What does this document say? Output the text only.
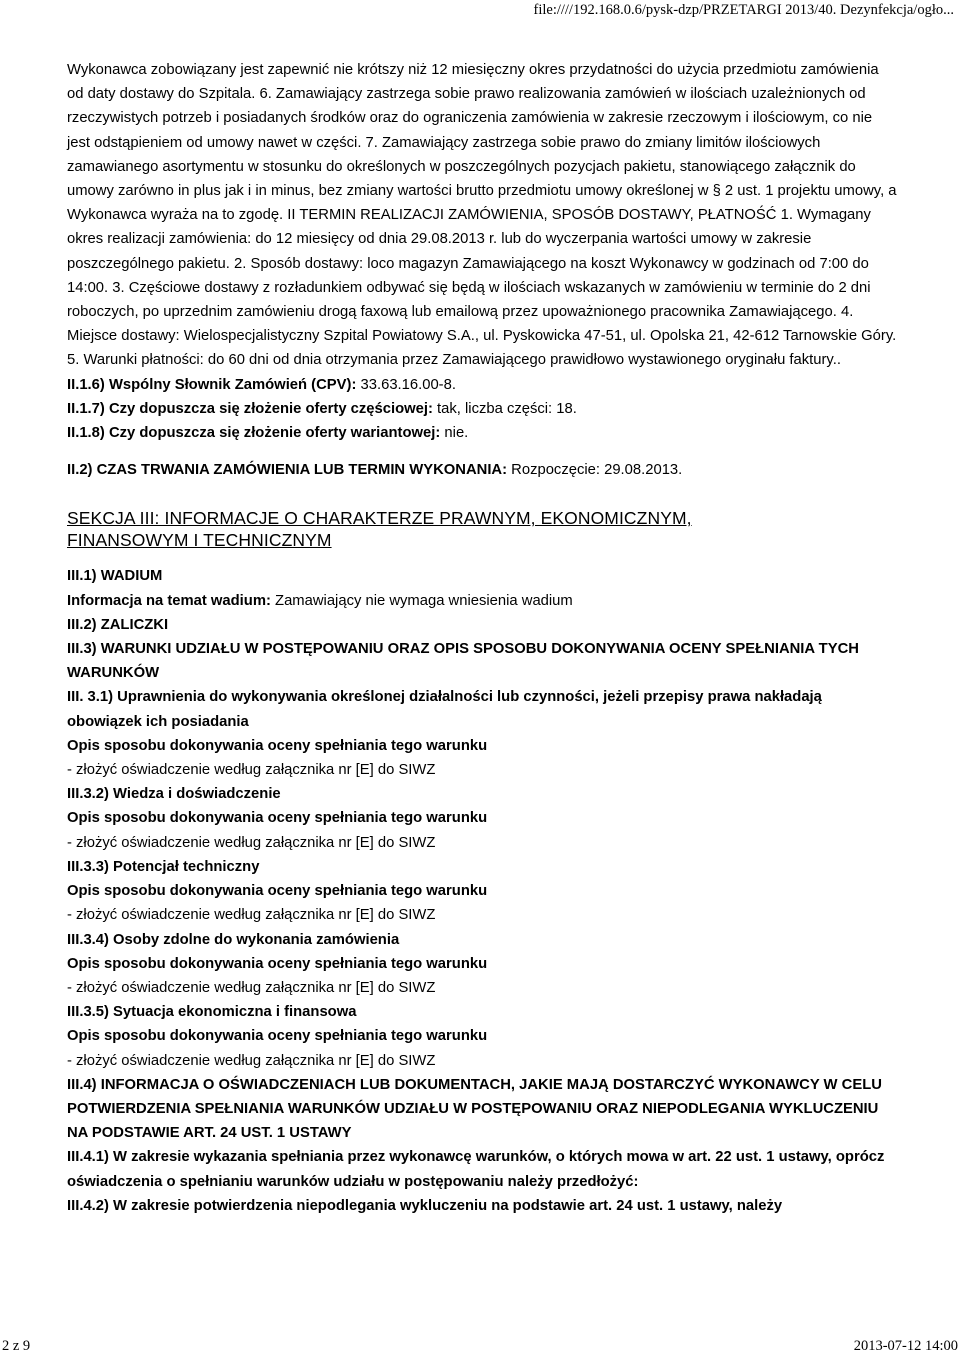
file:////192.168.0.6/pysk-dzp/PRZETARGI 2013/40. Dezynfekcja/ogło...

Wykonawca zobowiązany jest zapewnić nie krótszy niż 12 miesięczny okres przydatności do użycia przedmiotu zamówienia od daty dostawy do Szpitala. 6. Zamawiający zastrzega sobie prawo realizowania zamówień w ilościach uzależnionych od rzeczywistych potrzeb i posiadanych środków oraz do ograniczenia zamówienia w zakresie rzeczowym i ilościowym, co nie jest odstąpieniem od umowy nawet w części. 7. Zamawiający zastrzega sobie prawo do zmiany limitów ilościowych zamawianego asortymentu w stosunku do określonych w poszczególnych pozycjach pakietu, stanowiącego załącznik do umowy zarówno in plus jak i in minus, bez zmiany wartości brutto przedmiotu umowy określonej w § 2 ust. 1 projektu umowy, a Wykonawca wyraża na to zgodę. II TERMIN REALIZACJI ZAMÓWIENIA, SPOSÓB DOSTAWY, PŁATNOŚĆ 1. Wymagany okres realizacji zamówienia: do 12 miesięcy od dnia 29.08.2013 r. lub do wyczerpania wartości umowy w zakresie poszczególnego pakietu. 2. Sposób dostawy: loco magazyn Zamawiającego na koszt Wykonawcy w godzinach od 7:00 do 14:00. 3. Częściowe dostawy z rozładunkiem odbywać się będą w ilościach wskazanych w zamówieniu w terminie do 2 dni roboczych, po uprzednim zamówieniu drogą faxową lub emailową przez upoważnionego pracownika Zamawiającego. 4. Miejsce dostawy: Wielospecjalistyczny Szpital Powiatowy S.A., ul. Pyskowicka 47-51, ul. Opolska 21, 42-612 Tarnowskie Góry. 5. Warunki płatności: do 60 dni od dnia otrzymania przez Zamawiającego prawidłowo wystawionego oryginału faktury..

II.1.6) Wspólny Słownik Zamówień (CPV): 33.63.16.00-8.

II.1.7) Czy dopuszcza się złożenie oferty częściowej: tak, liczba części: 18.

II.1.8) Czy dopuszcza się złożenie oferty wariantowej: nie.

II.2) CZAS TRWANIA ZAMÓWIENIA LUB TERMIN WYKONANIA: Rozpoczęcie: 29.08.2013.

SEKCJA III: INFORMACJE O CHARAKTERZE PRAWNYM, EKONOMICZNYM,

FINANSOWYM I TECHNICZNYM

III.1) WADIUM

Informacja na temat wadium: Zamawiający nie wymaga wniesienia wadium

III.2) ZALICZKI

III.3) WARUNKI UDZIAŁU W POSTĘPOWANIU ORAZ OPIS SPOSOBU DOKONYWANIA OCENY SPEŁNIANIA TYCH WARUNKÓW

III. 3.1) Uprawnienia do wykonywania określonej działalności lub czynności, jeżeli przepisy prawa nakładają obowiązek ich posiadania

Opis sposobu dokonywania oceny spełniania tego warunku

- złożyć oświadczenie według załącznika nr [E] do SIWZ

III.3.2) Wiedza i doświadczenie

Opis sposobu dokonywania oceny spełniania tego warunku

- złożyć oświadczenie według załącznika nr [E] do SIWZ

III.3.3) Potencjał techniczny

Opis sposobu dokonywania oceny spełniania tego warunku

- złożyć oświadczenie według załącznika nr [E] do SIWZ

III.3.4) Osoby zdolne do wykonania zamówienia

Opis sposobu dokonywania oceny spełniania tego warunku

- złożyć oświadczenie według załącznika nr [E] do SIWZ

III.3.5) Sytuacja ekonomiczna i finansowa

Opis sposobu dokonywania oceny spełniania tego warunku

- złożyć oświadczenie według załącznika nr [E] do SIWZ

III.4) INFORMACJA O OŚWIADCZENIACH LUB DOKUMENTACH, JAKIE MAJĄ DOSTARCZYĆ WYKONAWCY W CELU POTWIERDZENIA SPEŁNIANIA WARUNKÓW UDZIAŁU W POSTĘPOWANIU ORAZ NIEPODLEGANIA WYKLUCZENIU NA PODSTAWIE ART. 24 UST. 1 USTAWY

III.4.1) W zakresie wykazania spełniania przez wykonawcę warunków, o których mowa w art. 22 ust. 1 ustawy, oprócz oświadczenia o spełnianiu warunków udziału w postępowaniu należy przedłożyć:

III.4.2) W zakresie potwierdzenia niepodlegania wykluczeniu na podstawie art. 24 ust. 1 ustawy, należy

2 z 9	2013-07-12 14:00
